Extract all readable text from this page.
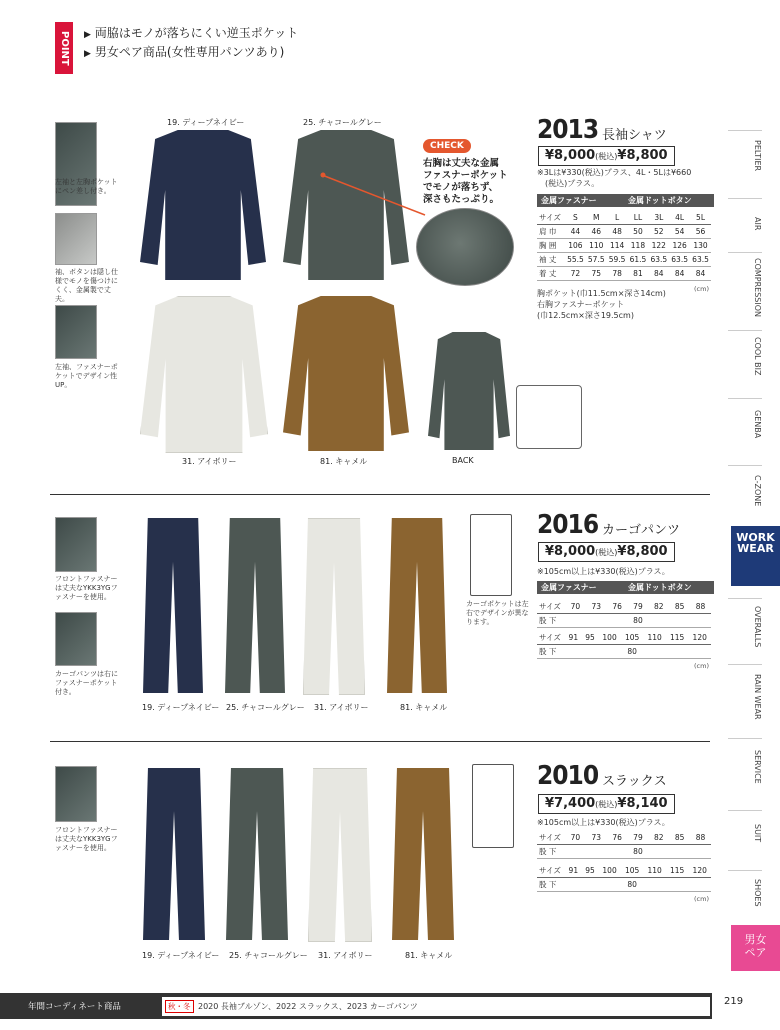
POINT	▶ 両脇はモノが落ちにくい逆玉ポケット
▶ 男女ペア商品(女性専用パンツあり)
左袖と左胸ポケットにペン差し付き。
袖、ボタンは隠し仕様でモノを傷つけにくく、金属製で丈夫。
左袖、ファスナーポケットでデザイン性UP。
19. ディープネイビー	25. チャコールグレー
31. アイボリー	81. キャメル	BACK
CHECK
右胸は丈夫な金属
ファスナーポケット
でモノが落ちず、
深さもたっぷり。
2013 長袖シャツ
¥8,000(税込)¥8,800
※3Lは¥330(税込)プラス、4L・5Lは¥660
(税込)プラス。
金属ファスナー	金属ドットボタン
サイズ	S	M	L	LL	3L	4L	5L
肩 巾	44	46	48	50	52	54	56
胸 囲	106	110	114	118	122	126	130
袖 丈	55.5	57.5	59.5	61.5	63.5	63.5	63.5
着 丈	72	75	78	81	84	84	84
(cm)
胸ポケット(巾11.5cm×深さ14cm)
右胸ファスナーポケット
(巾12.5cm×深さ19.5cm)
フロントファスナーは丈夫なYKK3YGファスナーを使用。
カーゴパンツは右にファスナーポケット付き。
カーゴポケットは左右でデザインが異なります。
19. ディープネイビー 25. チャコールグレー 31. アイボリー	81. キャメル
2016 カーゴパンツ
¥8,000(税込)¥8,800
※105cm以上は¥330(税込)プラス。
金属ファスナー	金属ドットボタン
サイズ	70	73	76	79	82	85	88
股 下				80			
サイズ	91	95	100	105	110	115	120
股 下				80			
(cm)
フロントファスナーは丈夫なYKK3YGファスナーを使用。
19. ディープネイビー 25. チャコールグレー 31. アイボリー	81. キャメル
2010 スラックス
¥7,400(税込)¥8,140
※105cm以上は¥330(税込)プラス。
サイズ	70	73	76	79	82	85	88
股 下				80			
サイズ	91	95	100	105	110	115	120
股 下				80			
(cm)
PELTIER
AIR
COMPRESSION
COOL BIZ
GENBA
C-ZONE
WORK
WEAR
OVERALLS
RAIN WEAR
SERVICE
SUIT
SHOES
男女
ペア
年間コーディネート商品	秋・冬 2020 長袖ブルゾン、2022 スラックス、2023 カーゴパンツ	219
